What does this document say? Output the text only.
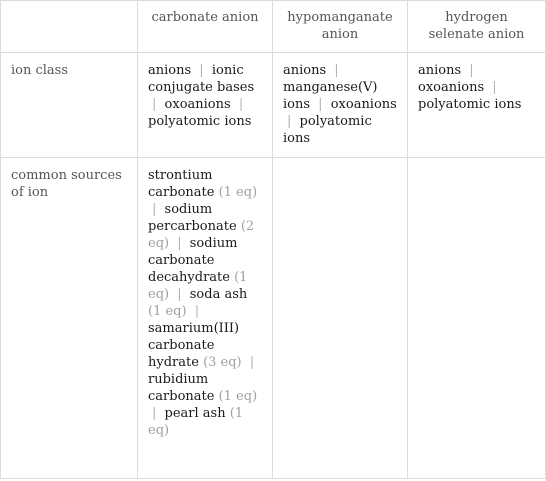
	carbonate anion	hypomanganate anion	hydrogen selenate anion
ion class	anions | ionic conjugate bases | oxoanions | polyatomic ions	anions | manganese(V) ions | oxoanions | polyatomic ions	anions | oxoanions | polyatomic ions
common sources of ion	strontium carbonate (1 eq) | sodium percarbonate (2 eq) | sodium carbonate decahydrate (1 eq) | soda ash (1 eq) | samarium(III) carbonate hydrate (3 eq) | rubidium carbonate (1 eq) | pearl ash (1 eq)		
